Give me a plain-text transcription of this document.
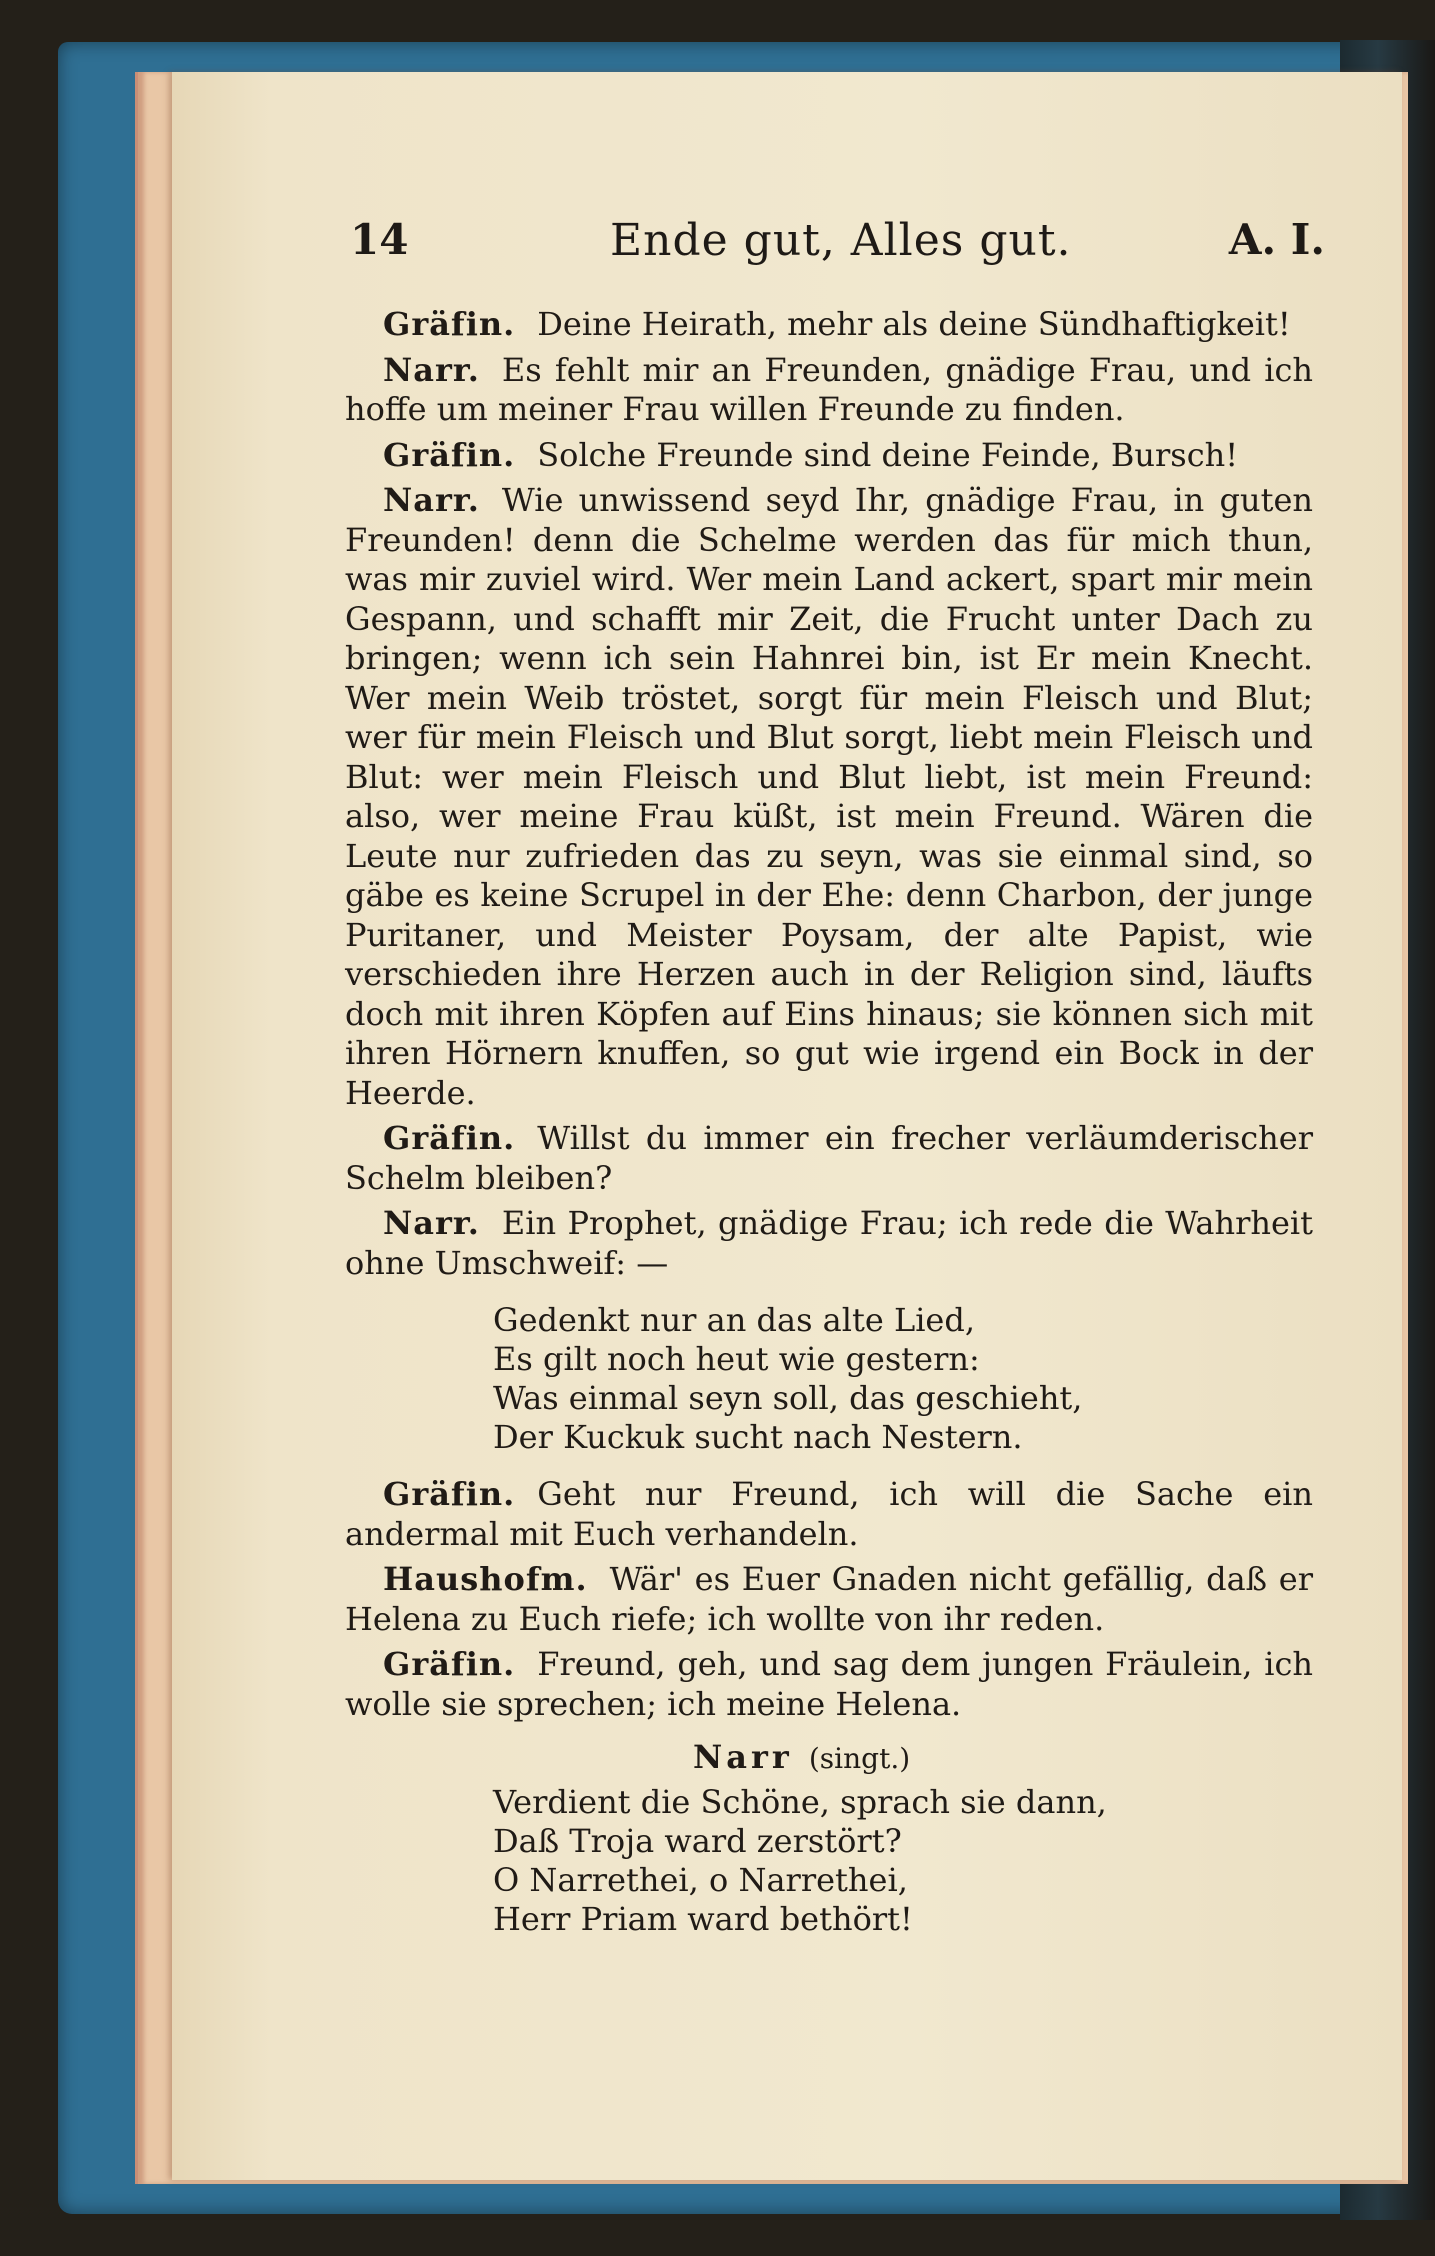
14	Ende gut, Alles gut.	A. I.

Gräfin. Deine Heirath, mehr als deine Sündhaftigkeit!

Narr. Es fehlt mir an Freunden, gnädige Frau, und ich hoffe um meiner Frau willen Freunde zu finden.

Gräfin. Solche Freunde sind deine Feinde, Bursch!

Narr. Wie unwissend seyd Ihr, gnädige Frau, in guten Freunden! denn die Schelme werden das für mich thun, was mir zuviel wird. Wer mein Land ackert, spart mir mein Gespann, und schafft mir Zeit, die Frucht unter Dach zu bringen; wenn ich sein Hahnrei bin, ist Er mein Knecht. Wer mein Weib tröstet, sorgt für mein Fleisch und Blut; wer für mein Fleisch und Blut sorgt, liebt mein Fleisch und Blut: wer mein Fleisch und Blut liebt, ist mein Freund: also, wer meine Frau küßt, ist mein Freund. Wären die Leute nur zufrieden das zu seyn, was sie einmal sind, so gäbe es keine Scrupel in der Ehe: denn Charbon, der junge Puritaner, und Meister Poysam, der alte Papist, wie verschieden ihre Herzen auch in der Religion sind, läufts doch mit ihren Köpfen auf Eins hinaus; sie können sich mit ihren Hörnern knuffen, so gut wie irgend ein Bock in der Heerde.

Gräfin. Willst du immer ein frecher verläumderischer Schelm bleiben?

Narr. Ein Prophet, gnädige Frau; ich rede die Wahrheit ohne Umschweif: —

Gedenkt nur an das alte Lied,
Es gilt noch heut wie gestern:
Was einmal seyn soll, das geschieht,
Der Kuckuk sucht nach Nestern.

Gräfin. Geht nur Freund, ich will die Sache ein andermal mit Euch verhandeln.

Haushofm. Wär' es Euer Gnaden nicht gefällig, daß er Helena zu Euch riefe; ich wollte von ihr reden.

Gräfin. Freund, geh, und sag dem jungen Fräulein, ich wolle sie sprechen; ich meine Helena.

Narr (singt.)
Verdient die Schöne, sprach sie dann,
Daß Troja ward zerstört?
O Narrethei, o Narrethei,
Herr Priam ward bethört!
